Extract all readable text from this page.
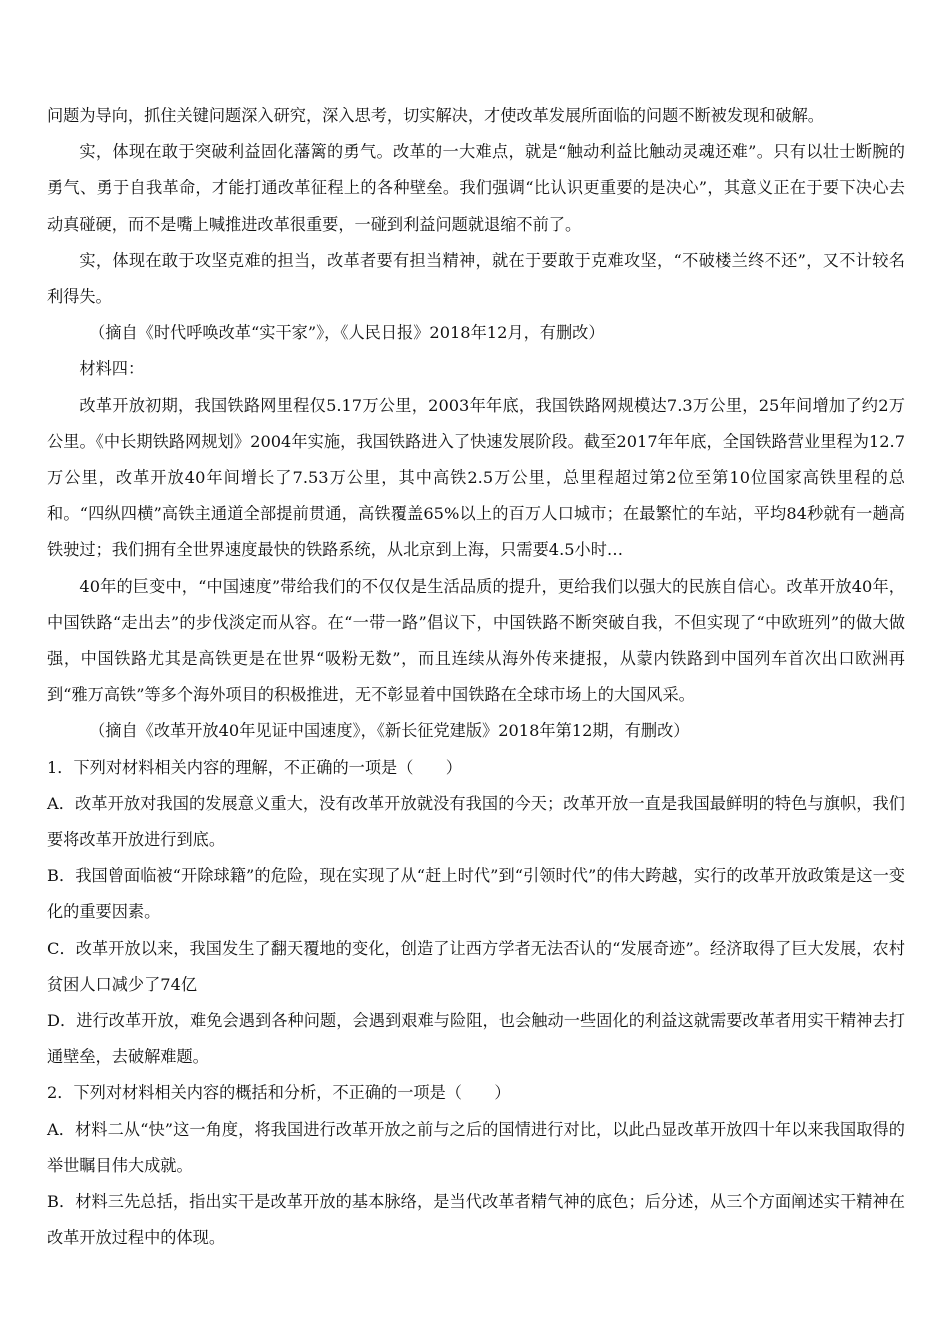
问题为导向，抓住关键问题深入研究，深入思考，切实解决，才使改革发展所面临的问题不断被发现和破解。

实，体现在敢于突破利益固化藩篱的勇气。改革的一大难点，就是“触动利益比触动灵魂还难”。只有以壮士断腕的勇气、勇于自我革命，才能打通改革征程上的各种壁垒。我们强调“比认识更重要的是决心”，其意义正在于要下决心去动真碰硬，而不是嘴上喊推进改革很重要，一碰到利益问题就退缩不前了。

实，体现在敢于攻坚克难的担当，改革者要有担当精神，就在于要敢于克难攻坚，“不破楼兰终不还”，又不计较名利得失。

（摘自《时代呼唤改革“实干家”》，《人民日报》2018年12月，有删改）

材料四：

改革开放初期，我国铁路网里程仅5.17万公里，2003年年底，我国铁路网规模达7.3万公里，25年间增加了约2万公里。《中长期铁路网规划》2004年实施，我国铁路进入了快速发展阶段。截至2017年年底，全国铁路营业里程为12.7万公里，改革开放40年间增长了7.53万公里，其中高铁2.5万公里，总里程超过第2位至第10位国家高铁里程的总和。“四纵四横”高铁主通道全部提前贯通，高铁覆盖65%以上的百万人口城市；在最繁忙的车站，平均84秒就有一趟高铁驶过；我们拥有全世界速度最快的铁路系统，从北京到上海，只需要4.5小时…

40年的巨变中，“中国速度”带给我们的不仅仅是生活品质的提升，更给我们以强大的民族自信心。改革开放40年，中国铁路“走出去”的步伐淡定而从容。在“一带一路”倡议下，中国铁路不断突破自我，不但实现了“中欧班列”的做大做强，中国铁路尤其是高铁更是在世界“吸粉无数”，而且连续从海外传来捷报，从蒙内铁路到中国列车首次出口欧洲再到“雅万高铁”等多个海外项目的积极推进，无不彰显着中国铁路在全球市场上的大国风采。

（摘自《改革开放40年见证中国速度》，《新长征党建版》2018年第12期，有删改）

1．下列对材料相关内容的理解，不正确的一项是（　　）

A．改革开放对我国的发展意义重大，没有改革开放就没有我国的今天；改革开放一直是我国最鲜明的特色与旗帜，我们要将改革开放进行到底。

B．我国曾面临被“开除球籍”的危险，现在实现了从“赶上时代”到“引领时代”的伟大跨越，实行的改革开放政策是这一变化的重要因素。

C．改革开放以来，我国发生了翻天覆地的变化，创造了让西方学者无法否认的“发展奇迹”。经济取得了巨大发展，农村贫困人口减少了74亿

D．进行改革开放，难免会遇到各种问题，会遇到艰难与险阻，也会触动一些固化的利益这就需要改革者用实干精神去打通壁垒，去破解难题。

2．下列对材料相关内容的概括和分析，不正确的一项是（　　）

A．材料二从“快”这一角度，将我国进行改革开放之前与之后的国情进行对比，以此凸显改革开放四十年以来我国取得的举世瞩目伟大成就。

B．材料三先总括，指出实干是改革开放的基本脉络，是当代改革者精气神的底色；后分述，从三个方面阐述实干精神在改革开放过程中的体现。
